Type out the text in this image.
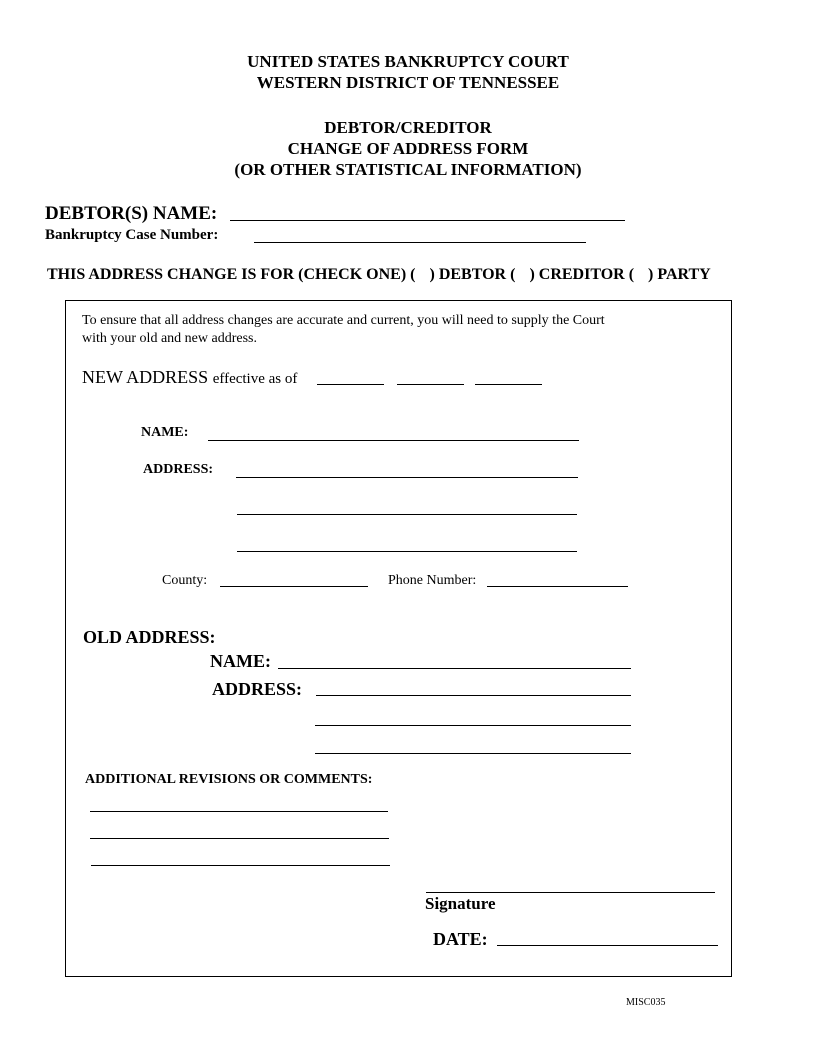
UNITED STATES BANKRUPTCY COURT
WESTERN DISTRICT OF TENNESSEE
DEBTOR/CREDITOR
CHANGE OF ADDRESS FORM
(OR OTHER STATISTICAL INFORMATION)
DEBTOR(S) NAME:
Bankruptcy Case Number:
THIS ADDRESS CHANGE IS FOR (CHECK ONE) ( ) DEBTOR ( ) CREDITOR ( ) PARTY
To ensure that all address changes are accurate and current, you will need to supply the Court
with your old and new address.
NEW ADDRESS effective as of
NAME:
ADDRESS:
County:	Phone Number:
OLD ADDRESS:
NAME:
ADDRESS:
ADDITIONAL REVISIONS OR COMMENTS:
Signature
DATE:
MISC035
